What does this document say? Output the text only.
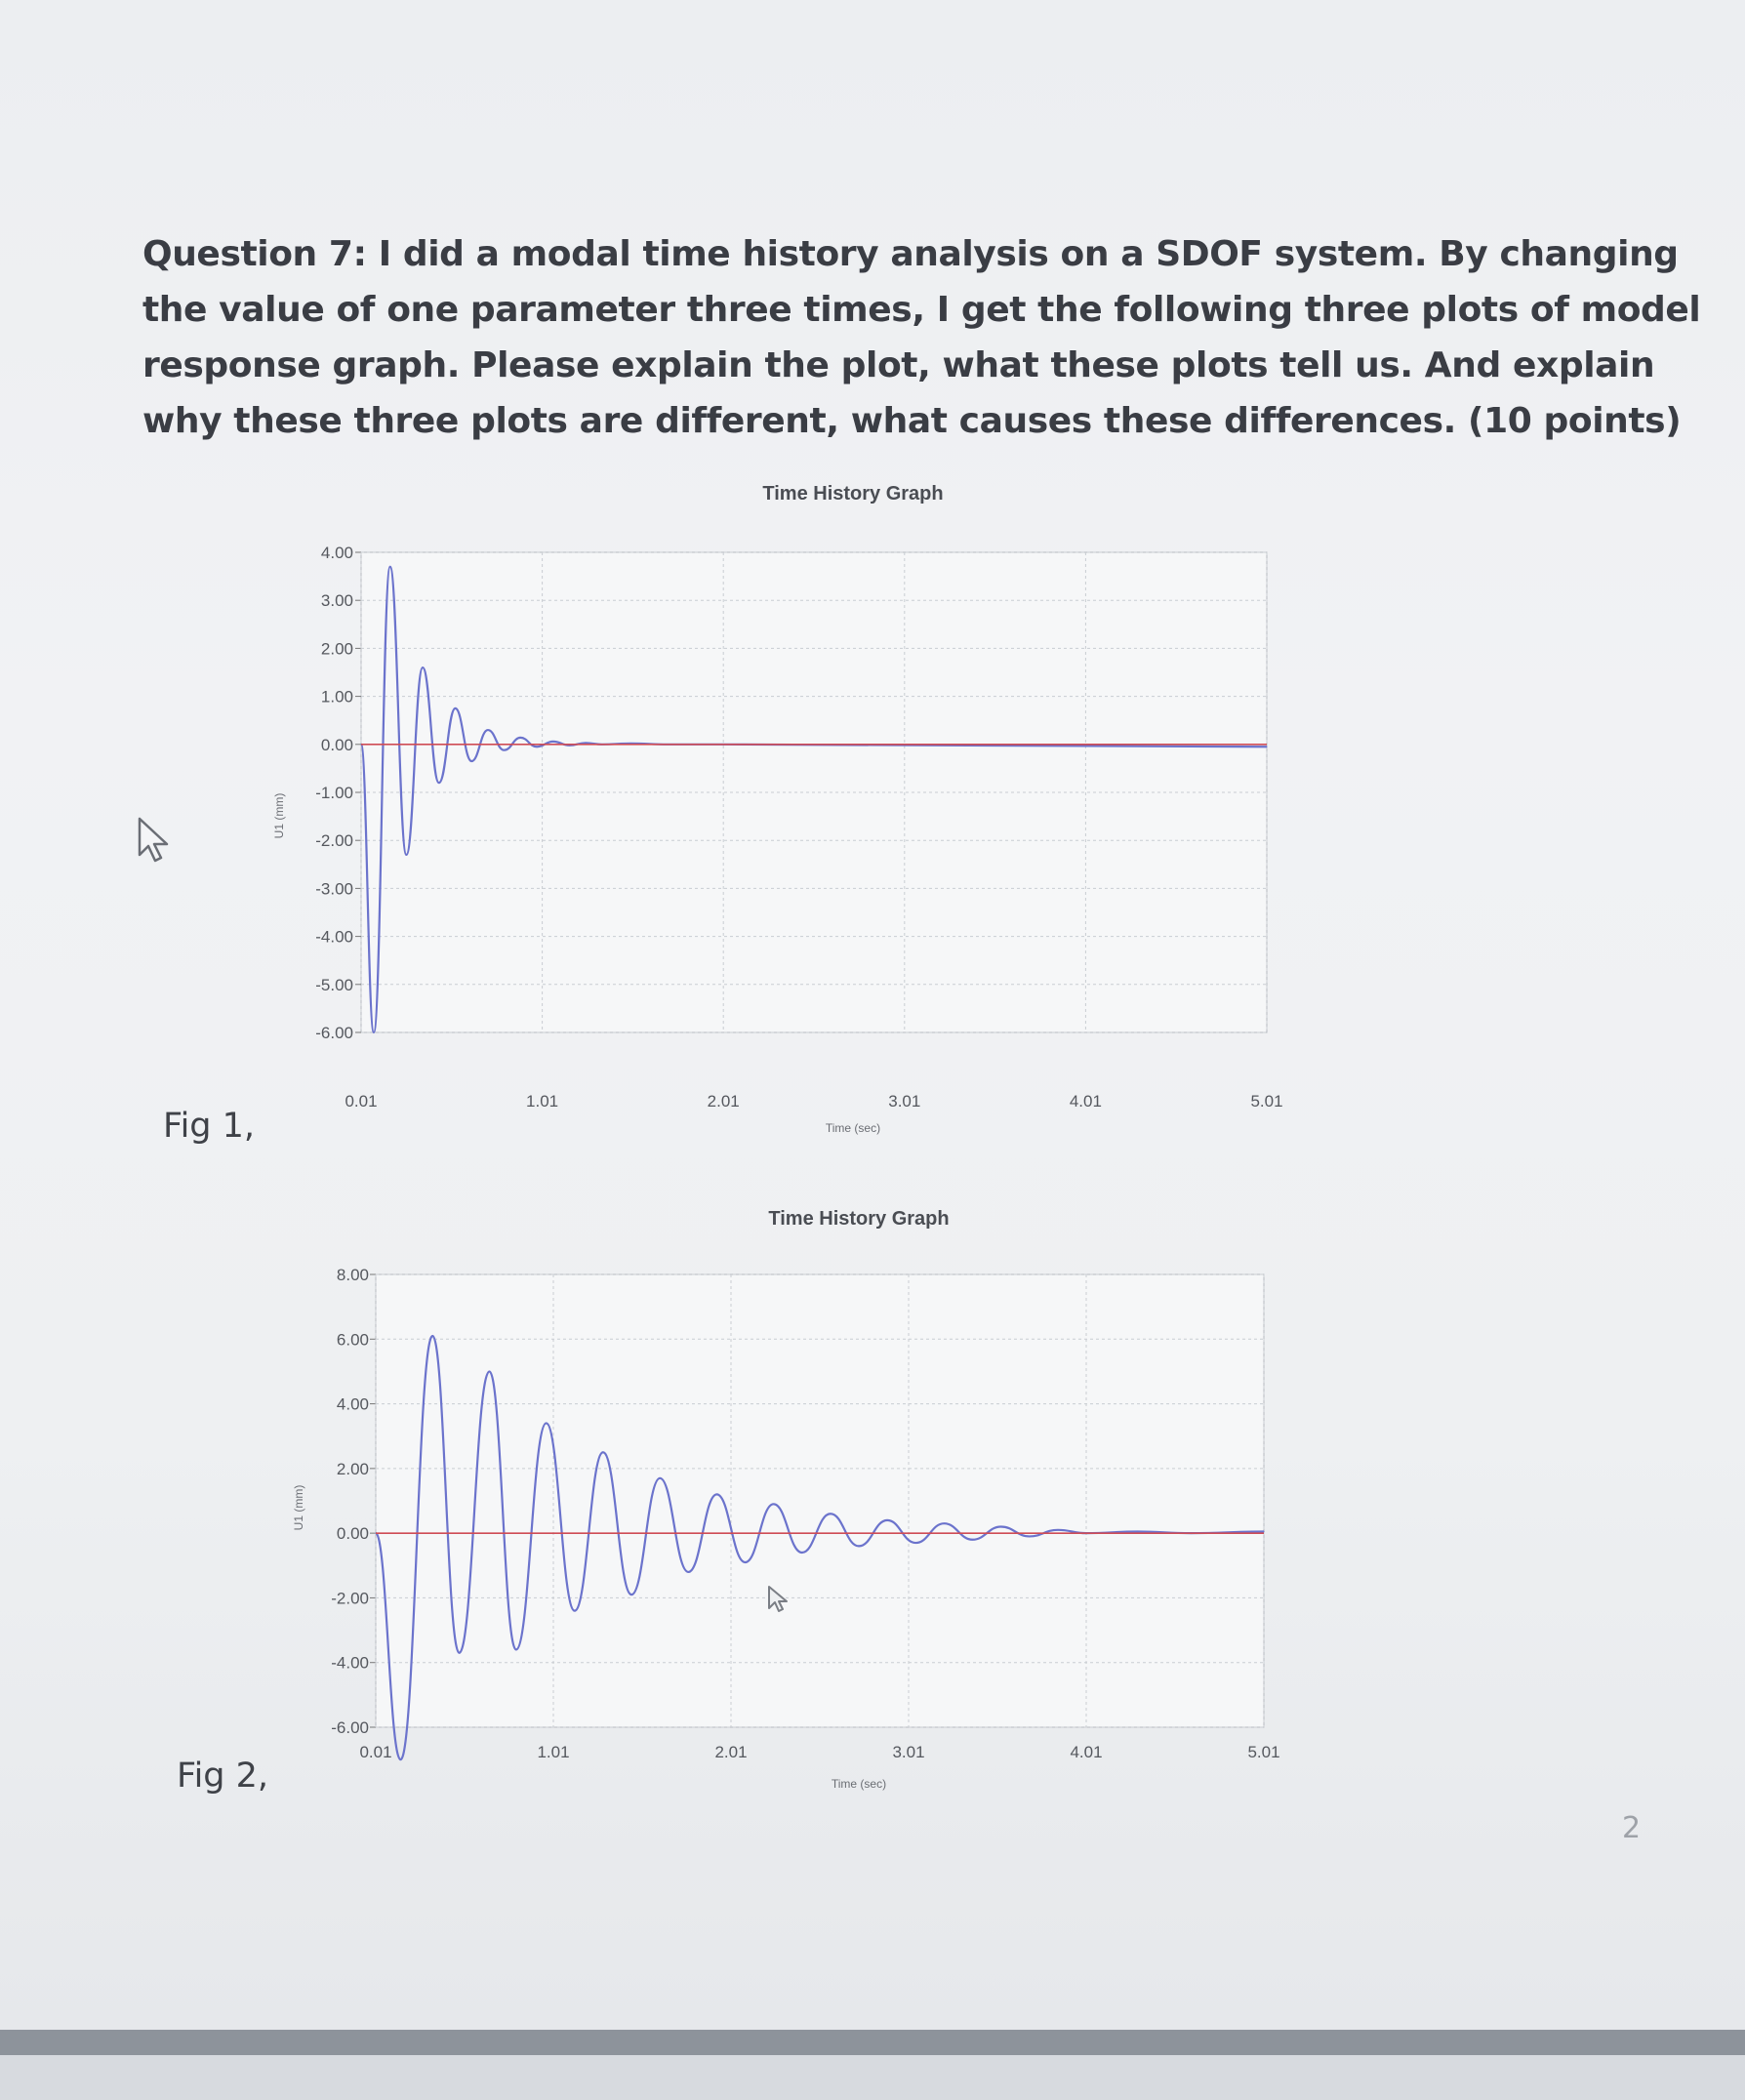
Question 7: I did a modal time history analysis on a SDOF system. By changing the value of one parameter three times, I get the following three plots of model response graph. Please explain the plot, what these plots tell us. And explain why these three plots are different, what causes these differences. (10 points)

Fig 1,
Fig 2,
4.00
3.00
2.00
1.00
0.00
-1.00
-2.00
-3.00
-4.00
-5.00
-6.00
0.01	1.01	2.01	3.01	4.01	5.01
Time History Graph
Time (sec)
U1 (mm)
8.00
6.00
4.00
2.00
0.00
-2.00
-4.00
-6.00
0.01	1.01	2.01	3.01	4.01	5.01
Time History Graph
Time (sec)
U1 (mm)
2
